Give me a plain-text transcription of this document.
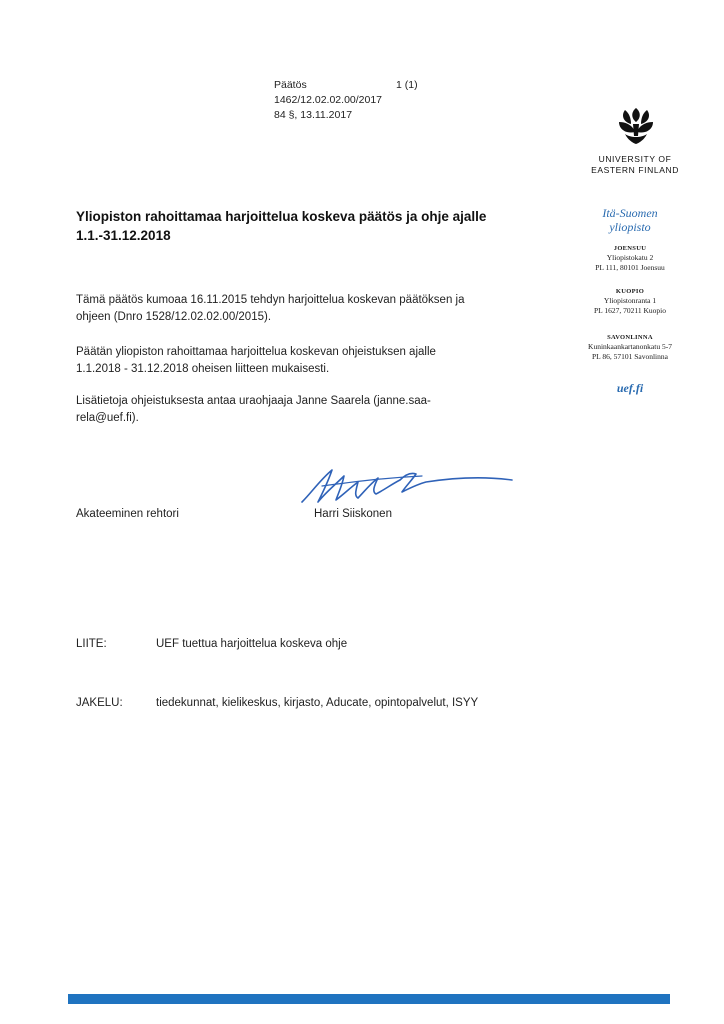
Päätös	1 (1)
1462/12.02.02.00/2017
84 §, 13.11.2017
UNIVERSITY OF
EASTERN FINLAND
Itä-Suomen
yliopisto
JOENSUU
Yliopistokatu 2
PL 111, 80101 Joensuu
KUOPIO
Yliopistonranta 1
PL 1627, 70211 Kuopio
SAVONLINNA
Kuninkaankartanonkatu 5-7
PL 86, 57101 Savonlinna
uef.fi
Yliopiston rahoittamaa harjoittelua koskeva päätös ja ohje ajalle
1.1.-31.12.2018
Tämä päätös kumoaa 16.11.2015 tehdyn harjoittelua koskevan päätöksen ja
ohjeen (Dnro 1528/12.02.02.00/2015).
Päätän yliopiston rahoittamaa harjoittelua koskevan ohjeistuksen ajalle
1.1.2018 - 31.12.2018 oheisen liitteen mukaisesti.
Lisätietoja ohjeistuksesta antaa uraohjaaja Janne Saarela (janne.saa-
rela@uef.fi).
Akateeminen rehtori	Harri Siiskonen
LIITE:	UEF tuettua harjoittelua koskeva ohje
JAKELU:	tiedekunnat, kielikeskus, kirjasto, Aducate, opintopalvelut, ISYY
